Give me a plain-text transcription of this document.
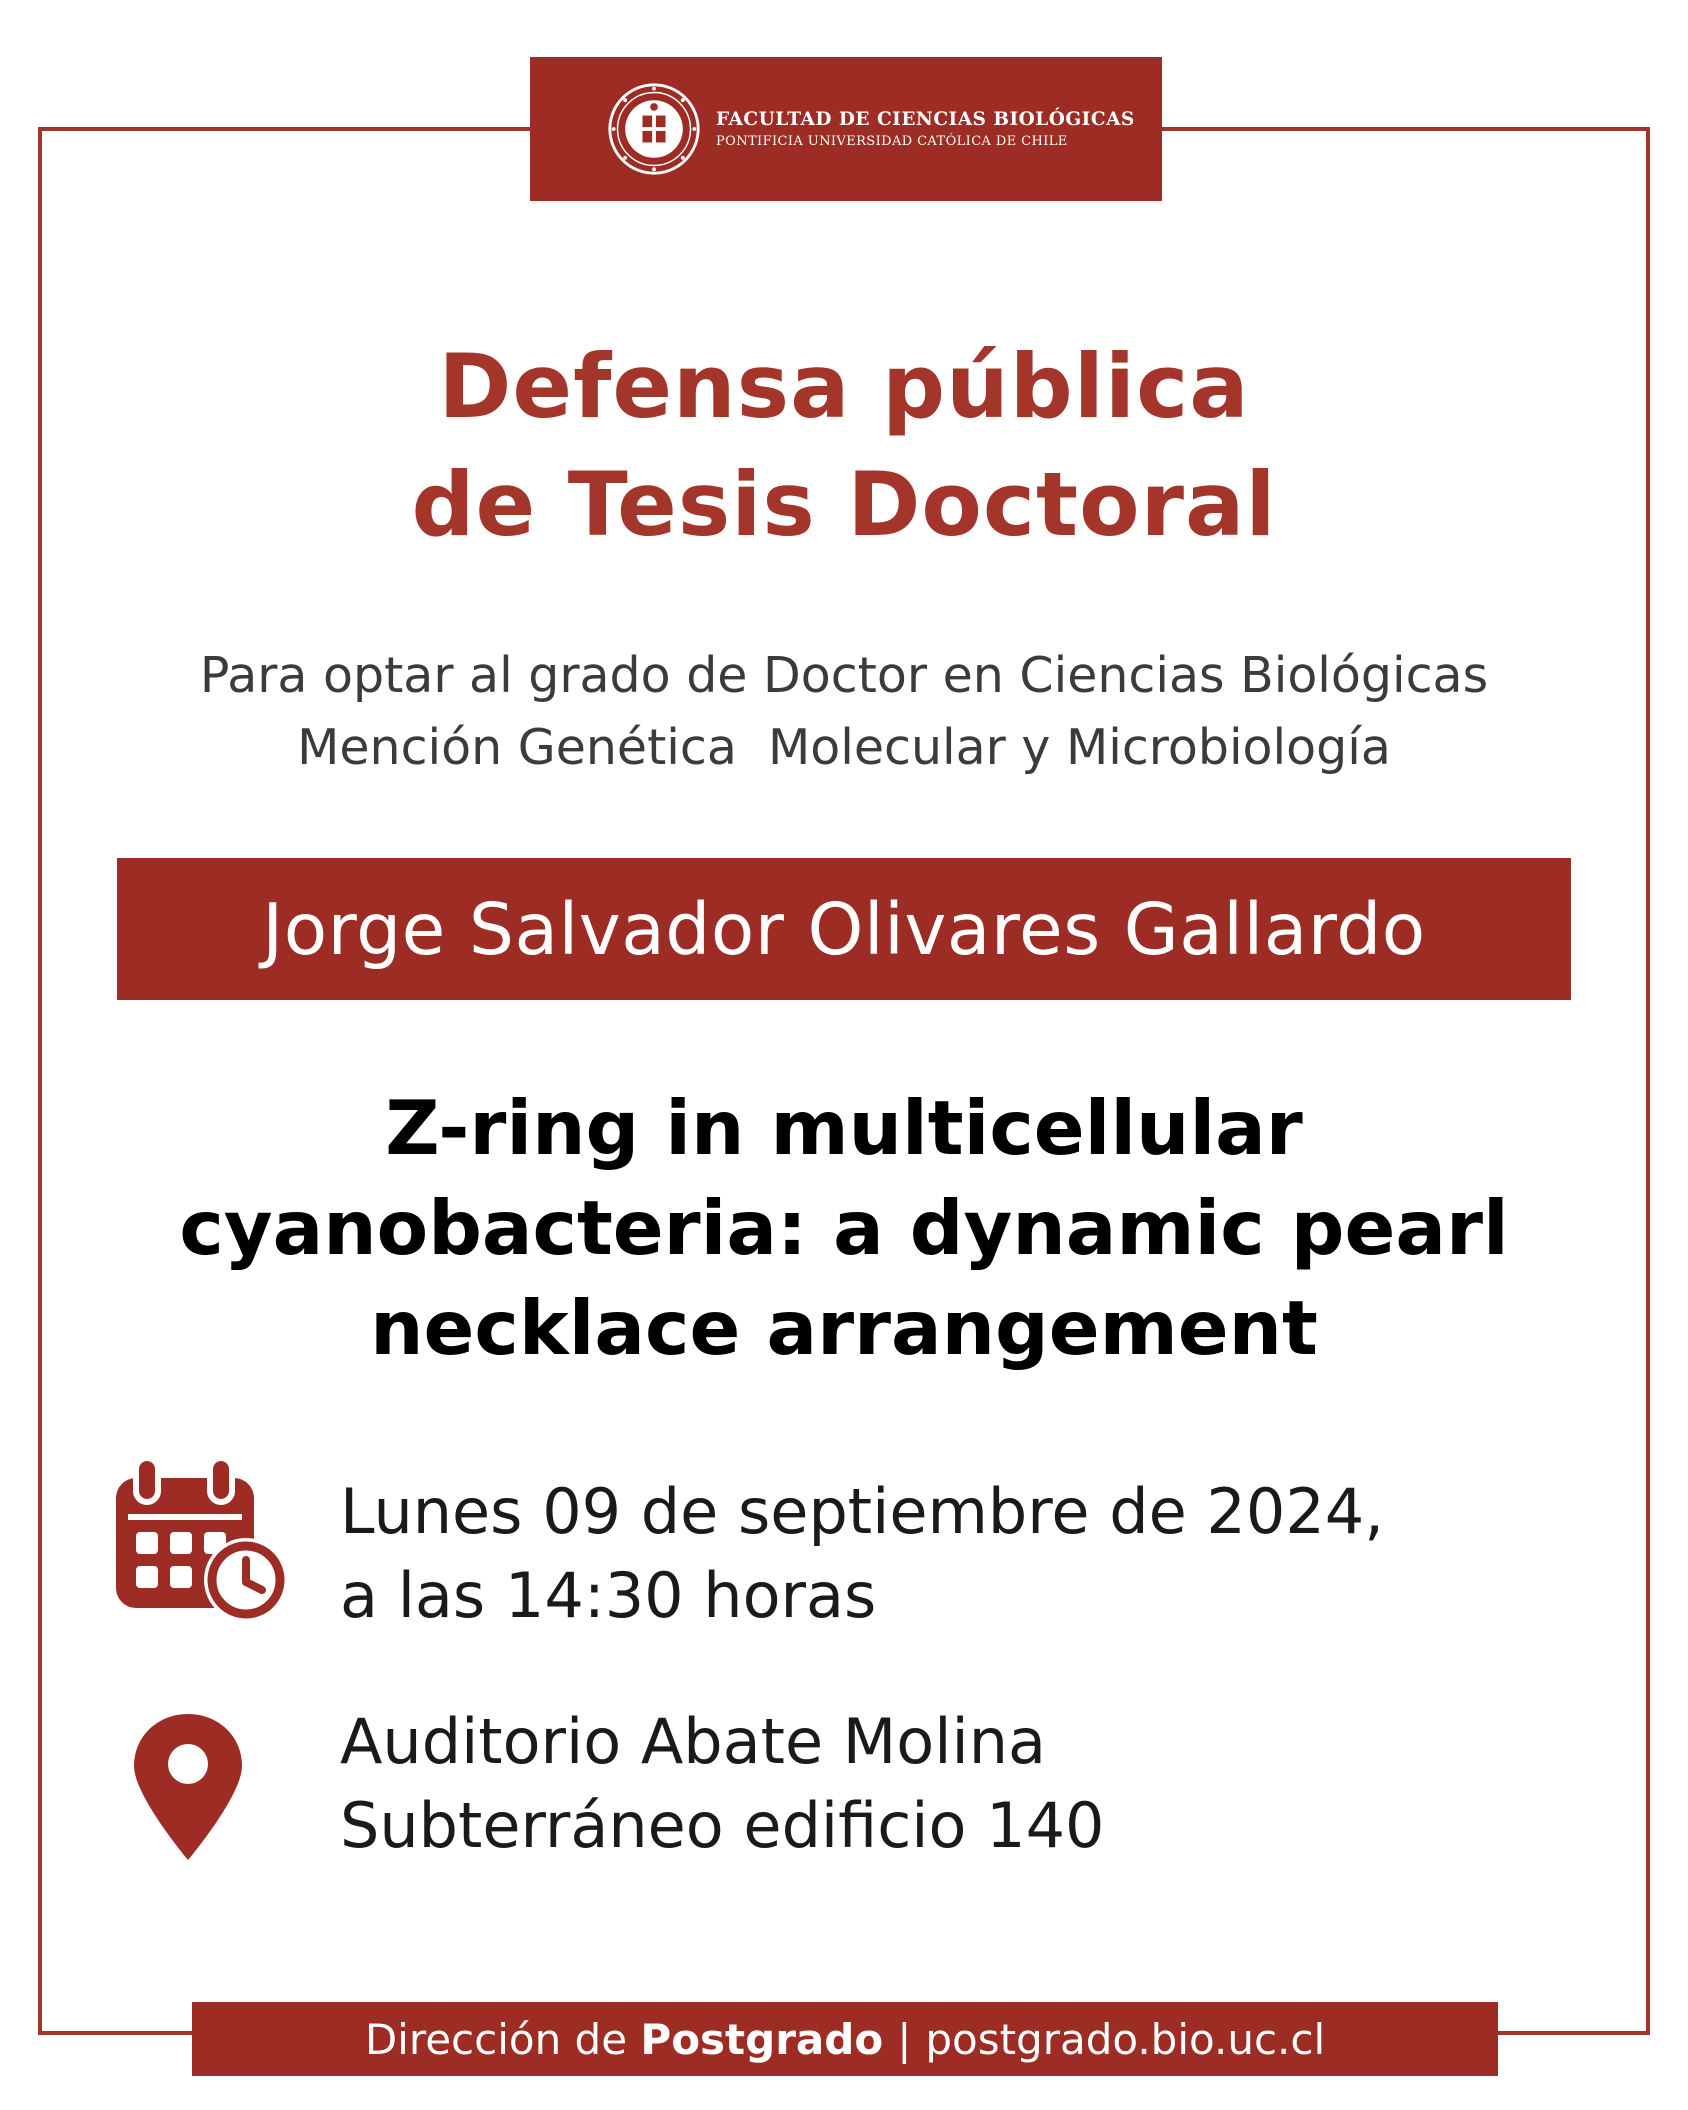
FACULTAD DE CIENCIAS BIOLÓGICAS
PONTIFICIA UNIVERSIDAD CATÓLICA DE CHILE
Defensa pública
de Tesis Doctoral
Para optar al grado de Doctor en Ciencias Biológicas
Mención Genética  Molecular y Microbiología
Jorge Salvador Olivares Gallardo
Z-ring in multicellular
cyanobacteria: a dynamic pearl
necklace arrangement
Lunes 09 de septiembre de 2024,
a las 14:30 horas
Auditorio Abate Molina
Subterráneo edificio 140
Dirección de
Postgrado | postgrado.bio.uc.cl
